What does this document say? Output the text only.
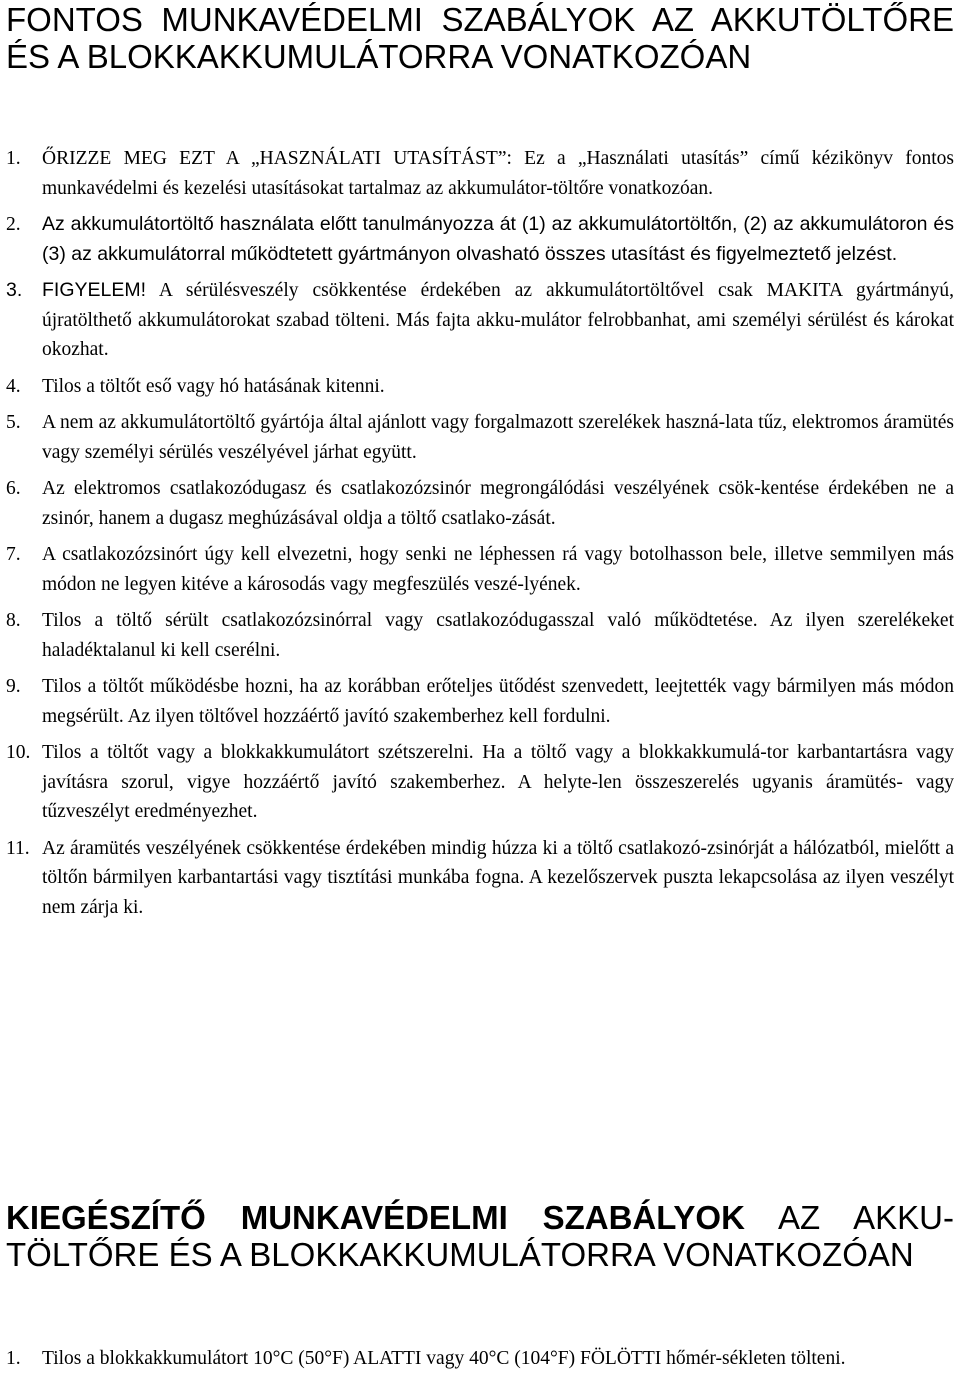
FONTOS MUNKAVÉDELMI SZABÁLYOK AZ AKKUTÖLTŐRE ÉS A BLOKKAKKUMULÁTORRA VONATKOZÓAN
1. ŐRIZZE MEG EZT A „HASZNÁLATI UTASÍTÁST”: Ez a „Használati utasítás” című kézikönyv fontos munkavédelmi és kezelési utasításokat tartalmaz az akkumulátor-töltőre vonatkozóan.
2. Az akkumulátortöltő használata előtt tanulmányozza át (1) az akkumulátortöltőn, (2) az akkumulátoron és (3) az akkumulátorral működtetett gyártmányon olvasható összes utasítást és figyelmeztető jelzést.
3. FIGYELEM! A sérülésveszély csökkentése érdekében az akkumulátortöltővel csak MAKITA gyártmányú, újratölthető akkumulátorokat szabad tölteni. Más fajta akku-mulátor felrobbanhat, ami személyi sérülést és károkat okozhat.
4. Tilos a töltőt eső vagy hó hatásának kitenni.
5. A nem az akkumulátortöltő gyártója által ajánlott vagy forgalmazott szerelékek haszná-lata tűz, elektromos áramütés vagy személyi sérülés veszélyével járhat együtt.
6. Az elektromos csatlakozódugasz és csatlakozózsinór megrongálódási veszélyének csök-kentése érdekében ne a zsinór, hanem a dugasz meghúzásával oldja a töltő csatlako-zását.
7. A csatlakozózsinórt úgy kell elvezetni, hogy senki ne léphessen rá vagy botolhasson bele, illetve semmilyen más módon ne legyen kitéve a károsodás vagy megfeszülés veszé-lyének.
8. Tilos a töltő sérült csatlakozózsinórral vagy csatlakozódugasszal való működtetése. Az ilyen szerelékeket haladéktalanul ki kell cserélni.
9. Tilos a töltőt működésbe hozni, ha az korábban erőteljes ütődést szenvedett, leejtették vagy bármilyen más módon megsérült. Az ilyen töltővel hozzáértő javító szakemberhez kell fordulni.
10. Tilos a töltőt vagy a blokkakkumulátort szétszerelni. Ha a töltő vagy a blokkakkumulá-tor karbantartásra vagy javításra szorul, vigye hozzáértő javító szakemberhez. A helyte-len összeszerelés ugyanis áramütés- vagy tűzveszélyt eredményezhet.
11. Az áramütés veszélyének csökkentése érdekében mindig húzza ki a töltő csatlakozó-zsinórját a hálózatból, mielőtt a töltőn bármilyen karbantartási vagy tisztítási munkába fogna. A kezelőszervek puszta lekapcsolása az ilyen veszélyt nem zárja ki.
KIEGÉSZÍTŐ MUNKAVÉDELMI SZABÁLYOK AZ AKKU-TÖLTŐRE ÉS A BLOKKAKKUMULÁTORRA VONATKOZÓAN
1. Tilos a blokkakkumulátort 10°C (50°F) ALATTI vagy 40°C (104°F) FÖLÖTTI hőmér-sékleten tölteni.
